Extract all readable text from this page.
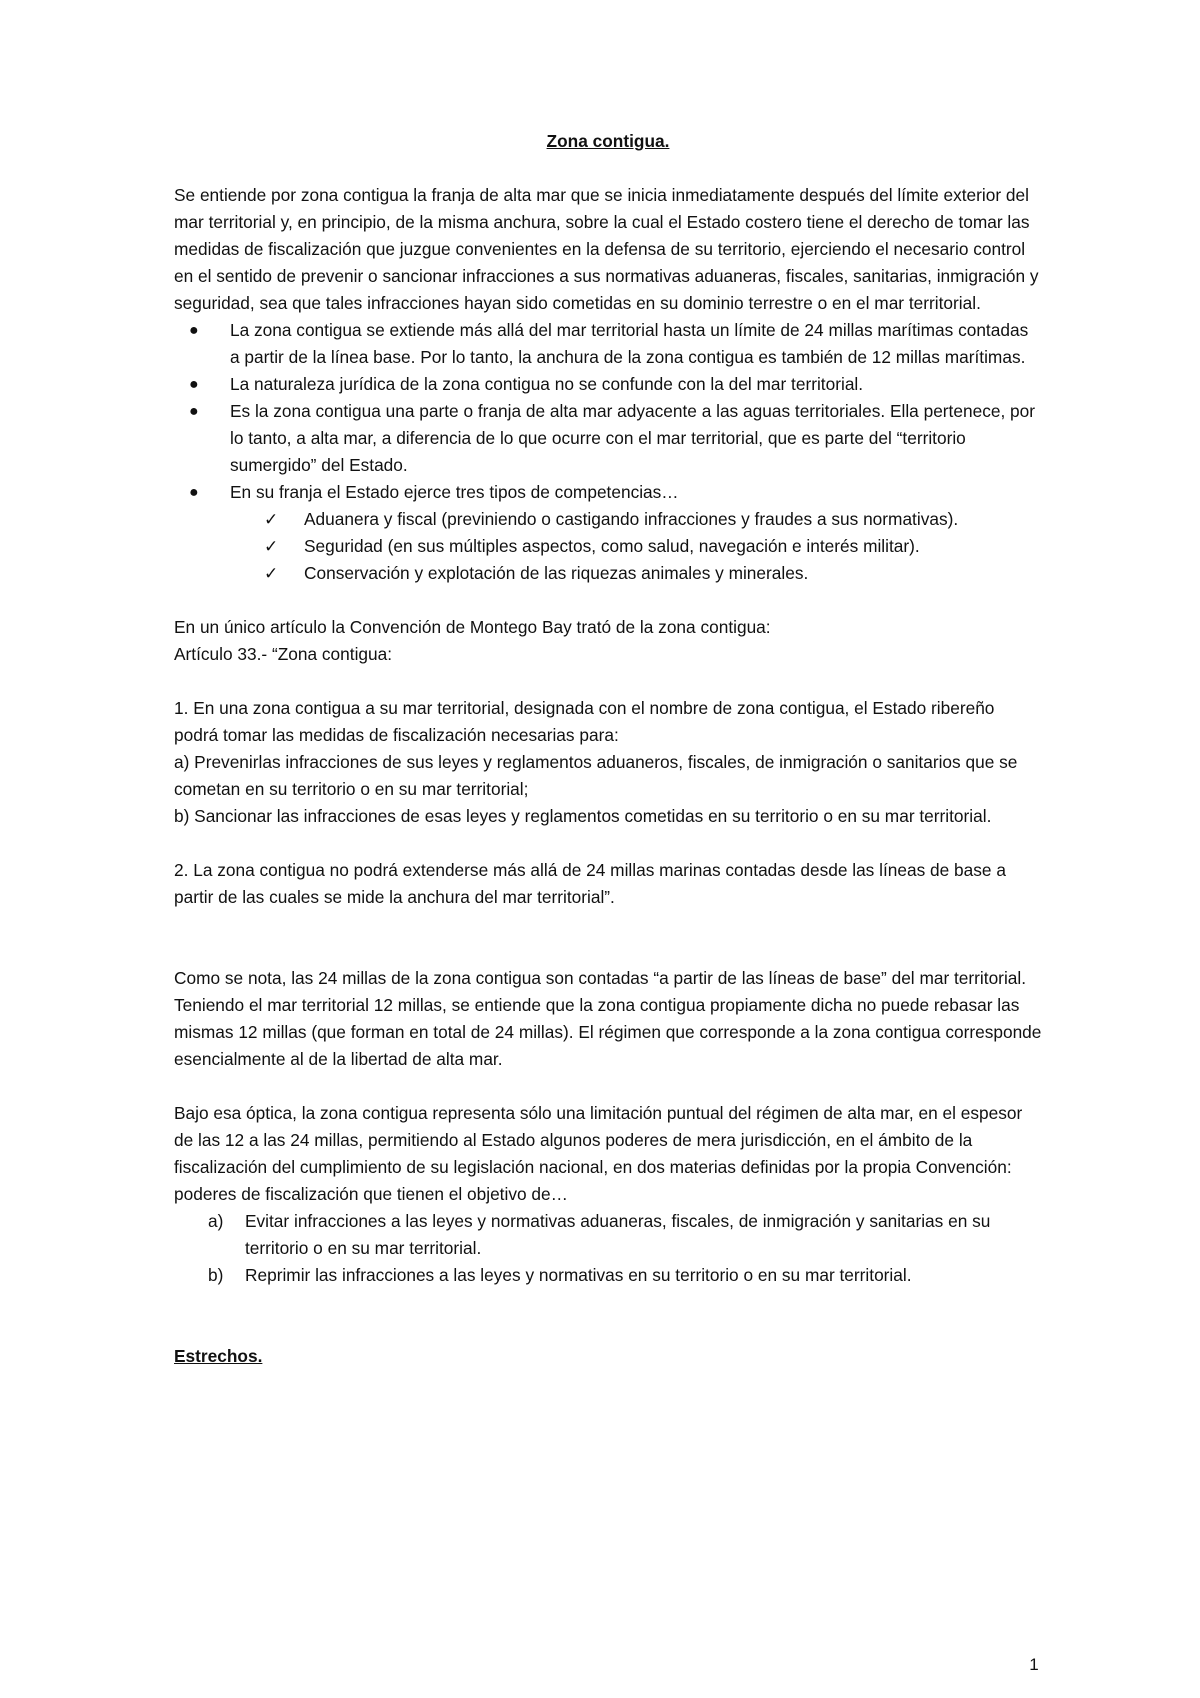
Zona contigua.

Se entiende por zona contigua la franja de alta mar que se inicia inmediatamente después del límite exterior del mar territorial y, en principio, de la misma anchura, sobre la cual el Estado costero tiene el derecho de tomar las medidas de fiscalización que juzgue convenientes en la defensa de su territorio, ejerciendo el necesario control en el sentido de prevenir o sancionar infracciones a sus normativas aduaneras, fiscales, sanitarias, inmigración y seguridad, sea que tales infracciones hayan sido cometidas en su dominio terrestre o en el mar territorial.

● La zona contigua se extiende más allá del mar territorial hasta un límite de 24 millas marítimas contadas a partir de la línea base. Por lo tanto, la anchura de la zona contigua es también de 12 millas marítimas.
● La naturaleza jurídica de la zona contigua no se confunde con la del mar territorial.
● Es la zona contigua una parte o franja de alta mar adyacente a las aguas territoriales. Ella pertenece, por lo tanto, a alta mar, a diferencia de lo que ocurre con el mar territorial, que es parte del “territorio sumergido” del Estado.
● En su franja el Estado ejerce tres tipos de competencias…
✓ Aduanera y fiscal (previniendo o castigando infracciones y fraudes a sus normativas).
✓ Seguridad (en sus múltiples aspectos, como salud, navegación e interés militar).
✓ Conservación y explotación de las riquezas animales y minerales.

En un único artículo la Convención de Montego Bay trató de la zona contigua:

Artículo 33.- “Zona contigua:

1. En una zona contigua a su mar territorial, designada con el nombre de zona contigua, el Estado ribereño podrá tomar las medidas de fiscalización necesarias para:

a) Prevenirlas infracciones de sus leyes y reglamentos aduaneros, fiscales, de inmigración o sanitarios que se cometan en su territorio o en su mar territorial;

b) Sancionar las infracciones de esas leyes y reglamentos cometidas en su territorio o en su mar territorial.

2. La zona contigua no podrá extenderse más allá de 24 millas marinas contadas desde las líneas de base a partir de las cuales se mide la anchura del mar territorial”.

Como se nota, las 24 millas de la zona contigua son contadas “a partir de las líneas de base” del mar territorial. Teniendo el mar territorial 12 millas, se entiende que la zona contigua propiamente dicha no puede rebasar las mismas 12 millas (que forman en total de 24 millas). El régimen que corresponde a la zona contigua corresponde esencialmente al de la libertad de alta mar.

Bajo esa óptica, la zona contigua representa sólo una limitación puntual del régimen de alta mar, en el espesor de las 12 a las 24 millas, permitiendo al Estado algunos poderes de mera jurisdicción, en el ámbito de la fiscalización del cumplimiento de su legislación nacional, en dos materias definidas por la propia Convención: poderes de fiscalización que tienen el objetivo de…

a) Evitar infracciones a las leyes y normativas aduaneras, fiscales, de inmigración y sanitarias en su territorio o en su mar territorial.
b) Reprimir las infracciones a las leyes y normativas en su territorio o en su mar territorial.

Estrechos.

1
